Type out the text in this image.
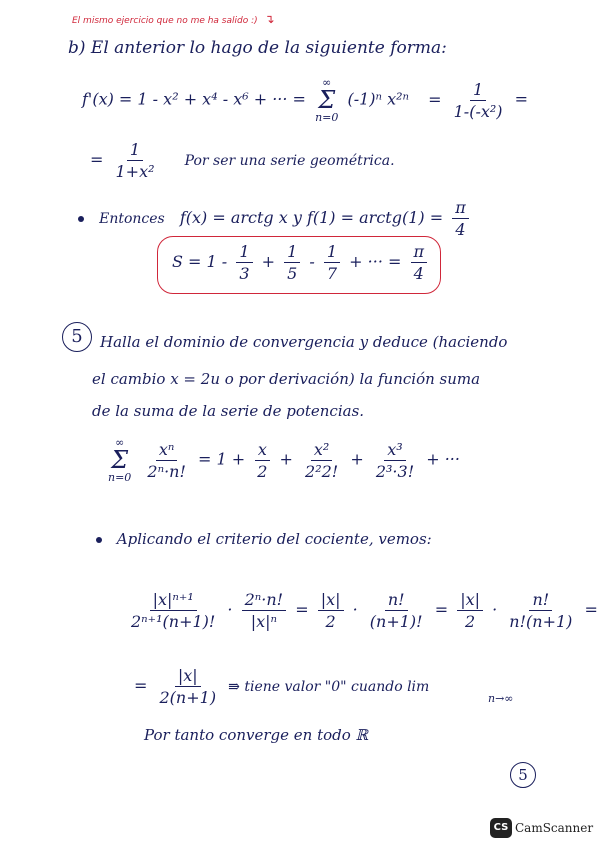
El mismo ejercicio que no me ha salido :) ↴
b) El anterior lo hago de la siguiente forma:
f'(x) = 1 - x² + x⁴ - x⁶ + ··· =
∞
Σ
n=0
(-1)ⁿ $x^{2n} = \frac{1}{\text{1-(-x²)}}$ =
= $\frac{1}{\text{1+x²}}$ Por ser una serie geométrica.
Entonces f(x) = arctg x y f(1) = arctg(1) = $\frac{\pi}{4}$
$S = 1 - \frac{1}{3} + \frac{1}{5} - \frac{1}{7}$ + ··· = $\frac{\pi}{4}$
5	Halla el dominio de convergencia y deduce (haciendo
el cambio x = 2u o por derivación) la función suma
de la suma de la serie de potencias.
∞
Σ
n=0
$\frac{\text{xⁿ}}{\text{2ⁿ·n!}} = 1 + \frac{x}{2} + \frac{\text{x²}}{\text{2²2!}} + \frac{\text{x³}}{\text{2³·3!}}$ + ···
Aplicando el criterio del cociente, vemos:
$\frac{\text{|x|ⁿ⁺¹}}{\text{2ⁿ⁺¹(n+1)!}} \cdot \frac{\text{2ⁿ·n!}}{\text{|x|ⁿ}} = \frac{|x|}{2} \cdot \frac{n!}{(n+1)!} = \frac{|x|}{2} \cdot \frac{n!}{n!(n+1)}$ =
= $\frac{|x|}{2(n+1)}$ ⇛ tiene valor "0" cuando lim
n→∞
Por tanto converge en todo ℝ
5
CS CamScanner
